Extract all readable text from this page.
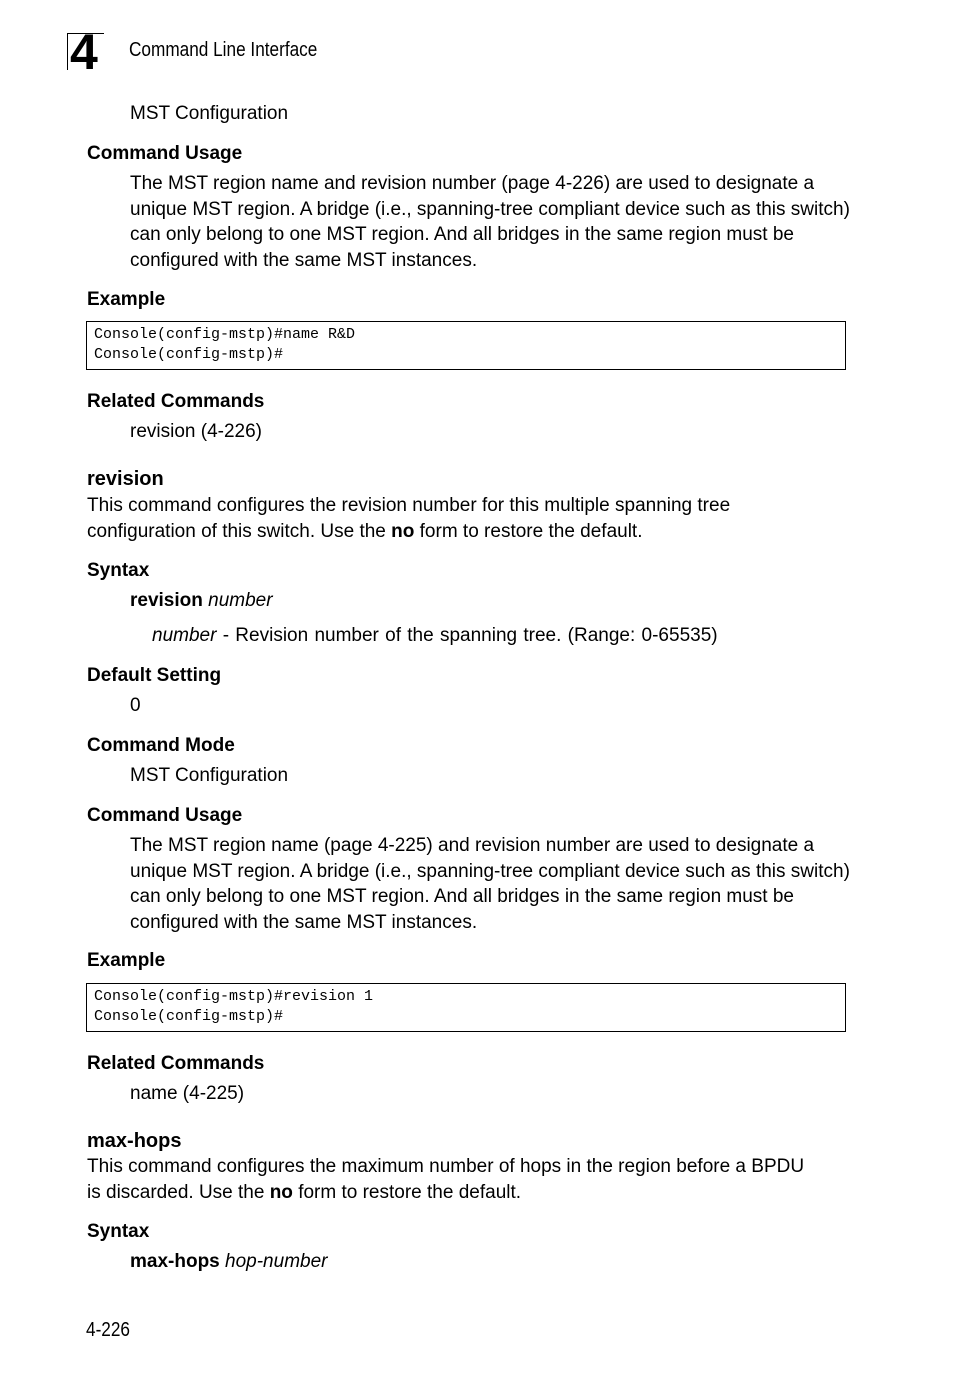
4 Command Line Interface
MST Configuration
Command Usage
The MST region name and revision number (page 4-226) are used to designate a unique MST region. A bridge (i.e., spanning-tree compliant device such as this switch) can only belong to one MST region. And all bridges in the same region must be configured with the same MST instances.
Example
Console(config-mstp)#name R&D
Console(config-mstp)#
Related Commands
revision (4-226)
revision
This command configures the revision number for this multiple spanning tree configuration of this switch. Use the no form to restore the default.
Syntax
revision number
number - Revision number of the spanning tree. (Range: 0-65535)
Default Setting
0
Command Mode
MST Configuration
Command Usage
The MST region name (page 4-225) and revision number are used to designate a unique MST region. A bridge (i.e., spanning-tree compliant device such as this switch) can only belong to one MST region. And all bridges in the same region must be configured with the same MST instances.
Example
Console(config-mstp)#revision 1
Console(config-mstp)#
Related Commands
name (4-225)
max-hops
This command configures the maximum number of hops in the region before a BPDU is discarded. Use the no form to restore the default.
Syntax
max-hops hop-number
4-226
